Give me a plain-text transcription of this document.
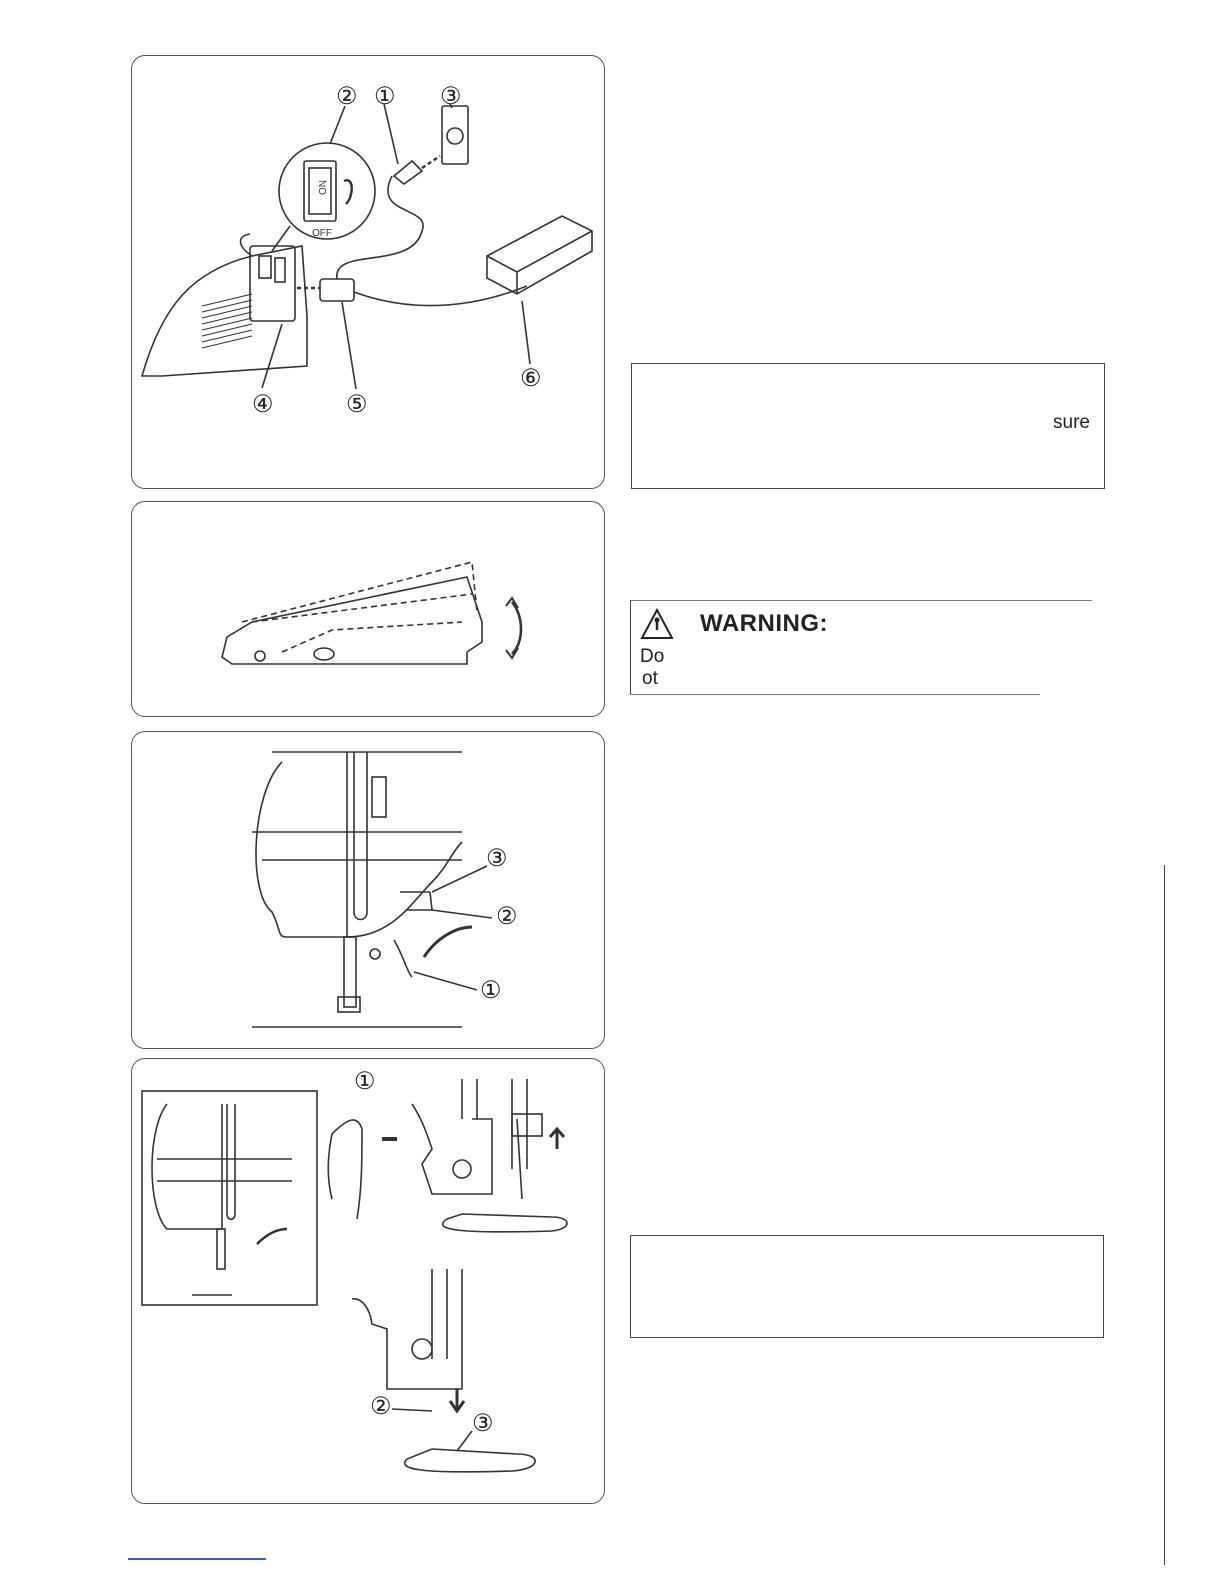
ON
② ① ③
④	⑤
⑥
OFF
sure
WARNING:
Do
ot
③
②
①
①
②
③
